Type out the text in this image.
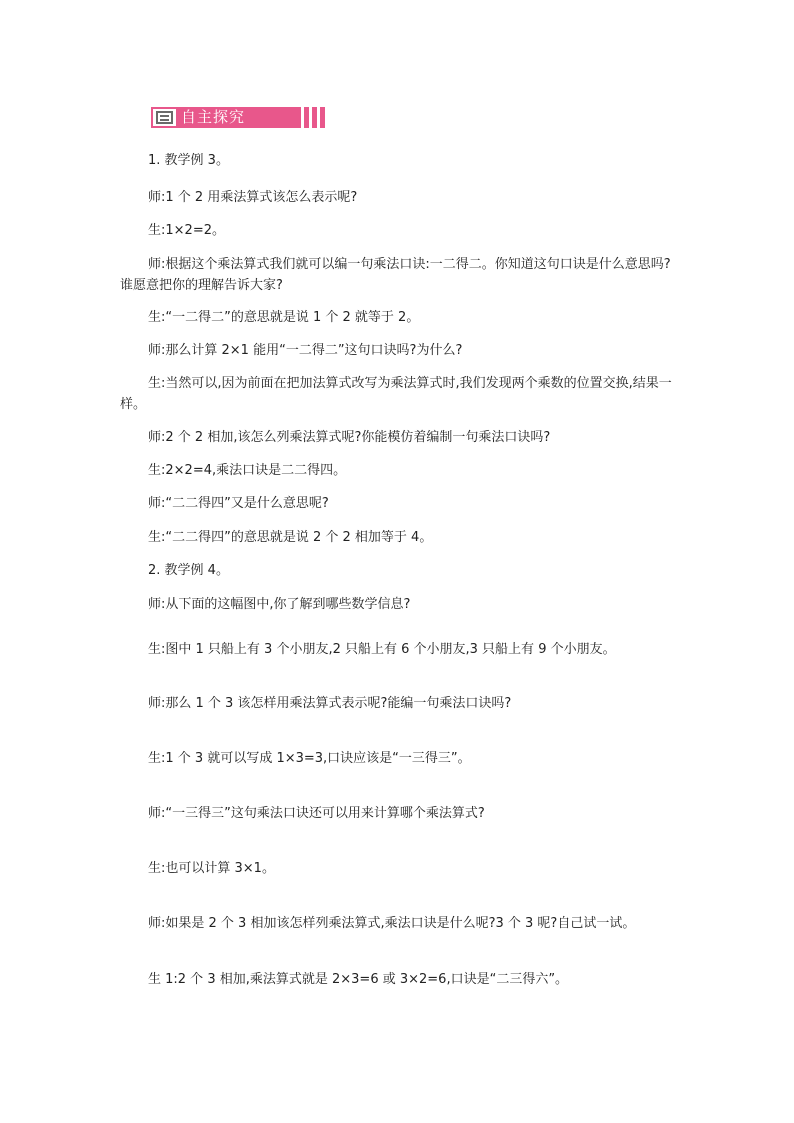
自主探究
1. 教学例 3。
师:1 个 2 用乘法算式该怎么表示呢?
生:1×2=2。
师:根据这个乘法算式我们就可以编一句乘法口诀:一二得二。你知道这句口诀是什么意思吗?谁愿意把你的理解告诉大家?
生:“一二得二”的意思就是说 1 个 2 就等于 2。
师:那么计算 2×1 能用“一二得二”这句口诀吗?为什么?
生:当然可以,因为前面在把加法算式改写为乘法算式时,我们发现两个乘数的位置交换,结果一样。
师:2 个 2 相加,该怎么列乘法算式呢?你能模仿着编制一句乘法口诀吗?
生:2×2=4,乘法口诀是二二得四。
师:“二二得四”又是什么意思呢?
生:“二二得四”的意思就是说 2 个 2 相加等于 4。
2. 教学例 4。
师:从下面的这幅图中,你了解到哪些数学信息?
生:图中 1 只船上有 3 个小朋友,2 只船上有 6 个小朋友,3 只船上有 9 个小朋友。
师:那么 1 个 3 该怎样用乘法算式表示呢?能编一句乘法口诀吗?
生:1 个 3 就可以写成 1×3=3,口诀应该是“一三得三”。
师:“一三得三”这句乘法口诀还可以用来计算哪个乘法算式?
生:也可以计算 3×1。
师:如果是 2 个 3 相加该怎样列乘法算式,乘法口诀是什么呢?3 个 3 呢?自己试一试。
生 1:2 个 3 相加,乘法算式就是 2×3=6 或 3×2=6,口诀是“二三得六”。
